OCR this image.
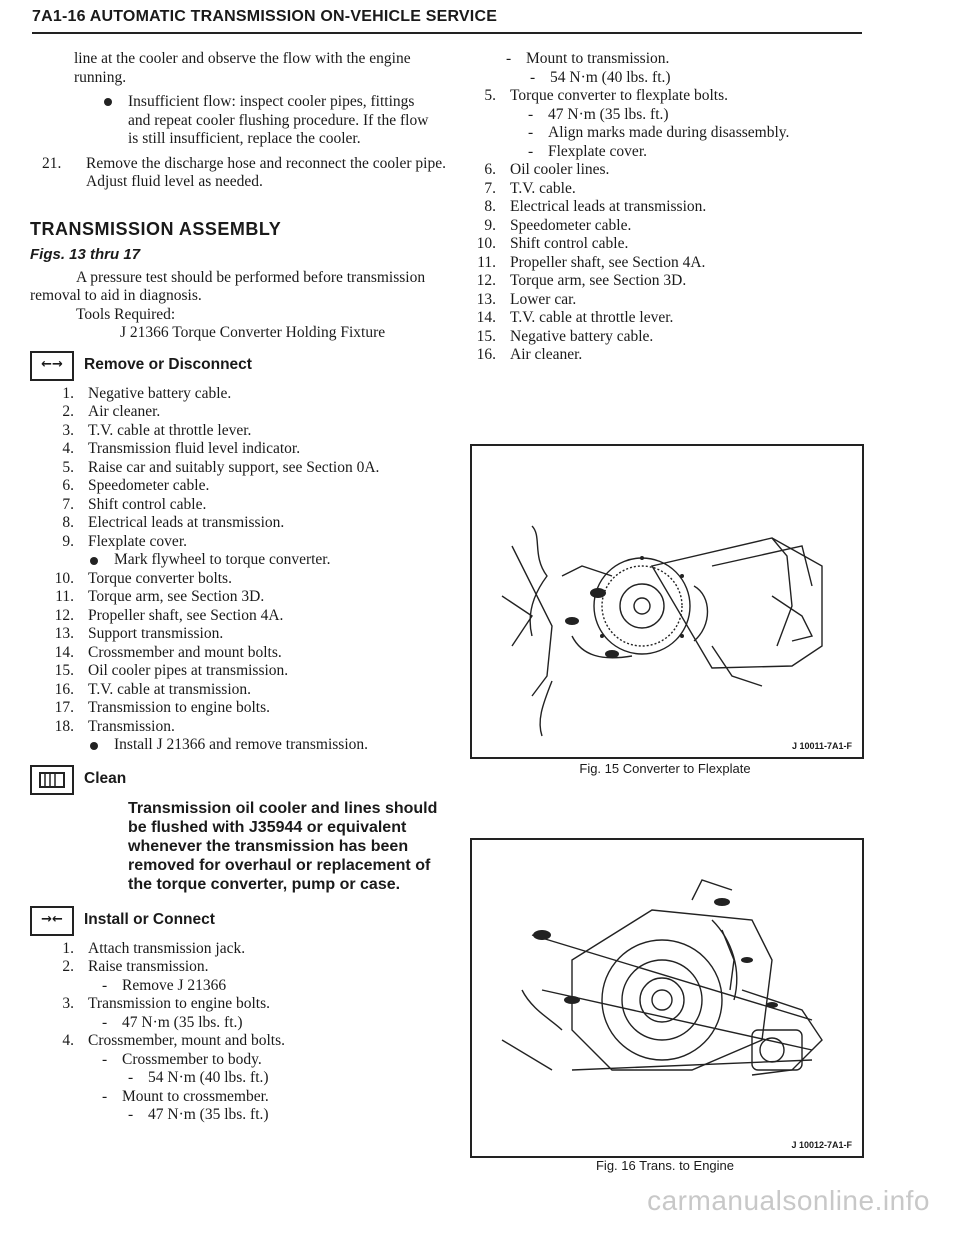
7A1-16 AUTOMATIC TRANSMISSION ON-VEHICLE SERVICE

line at the cooler and observe the flow with the engine running.

Insufficient flow: inspect cooler pipes, fittings and repeat cooler flushing procedure. If the flow is still insufficient, replace the cooler.
21. Remove the discharge hose and reconnect the cooler pipe. Adjust fluid level as needed.
TRANSMISSION ASSEMBLY
Figs. 13 thru 17

A pressure test should be performed before transmission removal to aid in diagnosis.

Tools Required:

J 21366 Torque Converter Holding Fixture

←→	Remove or Disconnect
1. Negative battery cable.
2. Air cleaner.
3. T.V. cable at throttle lever.
4. Transmission fluid level indicator.
5. Raise car and suitably support, see Section 0A.
6. Speedometer cable.
7. Shift control cable.
8. Electrical leads at transmission.
9. Flexplate cover.
Mark flywheel to torque converter.
10. Torque converter bolts.
11. Torque arm, see Section 3D.
12. Propeller shaft, see Section 4A.
13. Support transmission.
14. Crossmember and mount bolts.
15. Oil cooler pipes at transmission.
16. T.V. cable at transmission.
17. Transmission to engine bolts.
18. Transmission.
Install J 21366 and remove transmission.
Clean

Transmission oil cooler and lines should be flushed with J35944 or equivalent whenever the transmission has been removed for overhaul or replacement of the torque converter, pump or case.

→←	Install or Connect
1. Attach transmission jack.
2. Raise transmission.
- Remove J 21366
3. Transmission to engine bolts.
- 47 N·m (35 lbs. ft.)
4. Crossmember, mount and bolts.
- Crossmember to body.
- 54 N·m (40 lbs. ft.)
- Mount to crossmember.
- 47 N·m (35 lbs. ft.)
- Mount to transmission.
- 54 N·m (40 lbs. ft.)
5. Torque converter to flexplate bolts.
- 47 N·m (35 lbs. ft.)
- Align marks made during disassembly.
- Flexplate cover.
6. Oil cooler lines.
7. T.V. cable.
8. Electrical leads at transmission.
9. Speedometer cable.
10. Shift control cable.
11. Propeller shaft, see Section 4A.
12. Torque arm, see Section 3D.
13. Lower car.
14. T.V. cable at throttle lever.
15. Negative battery cable.
16. Air cleaner.
J 10011-7A1-F
Fig. 15 Converter to Flexplate
J 10012-7A1-F
Fig. 16 Trans. to Engine
carmanualsonline.info
